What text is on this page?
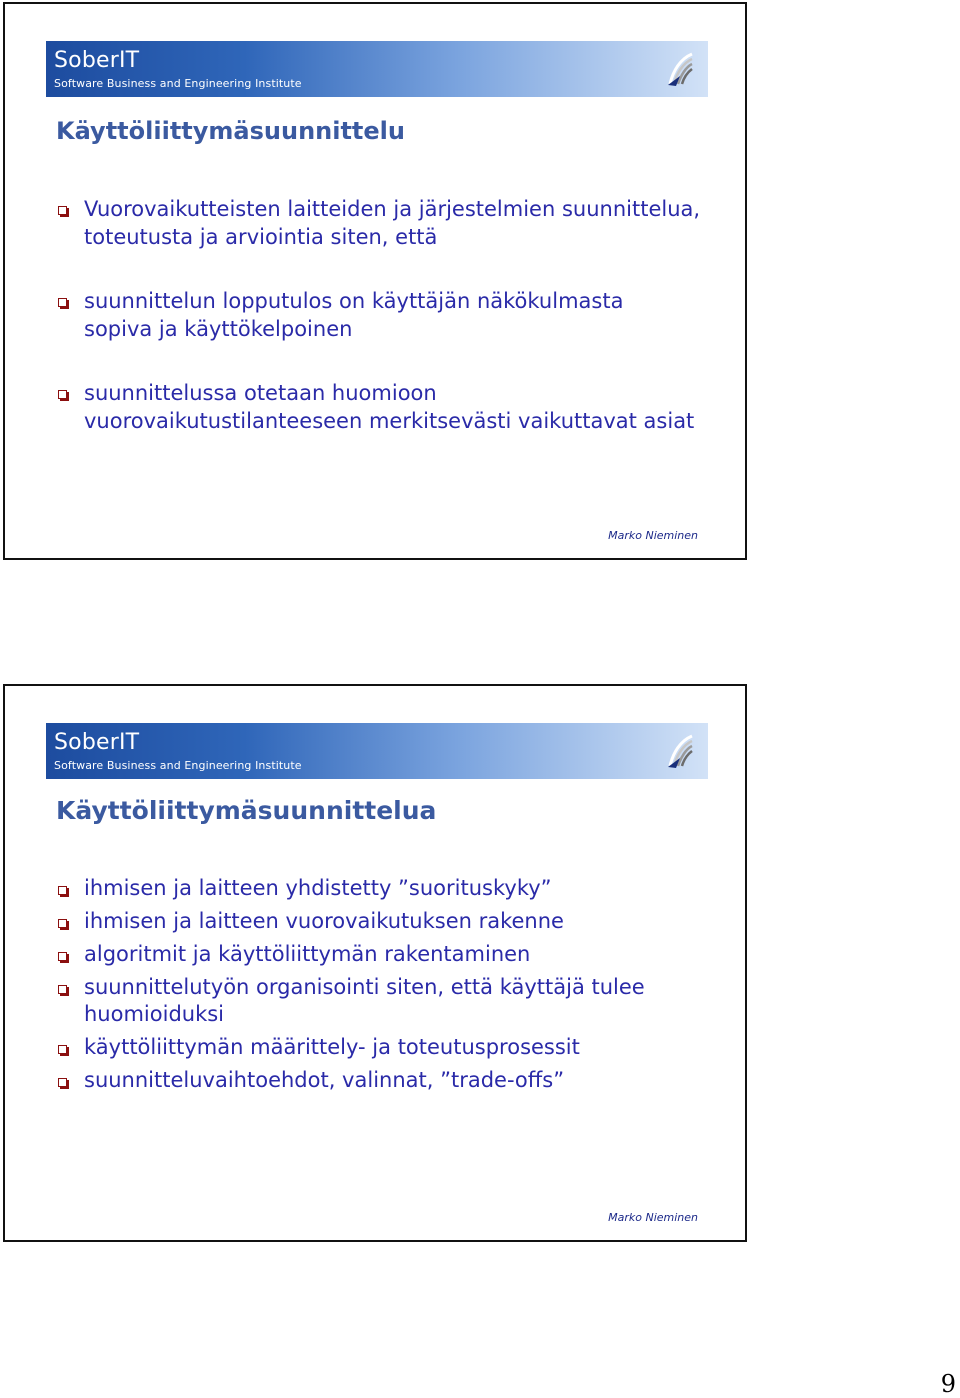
SoberIT
Software Business and Engineering Institute
Käyttöliittymäsuunnittelu
Vuorovaikutteisten laitteiden ja järjestelmien suunnittelua, toteutusta ja arviointia siten, että
suunnittelun lopputulos on käyttäjän näkökulmasta sopiva ja käyttökelpoinen
suunnittelussa otetaan huomioon vuorovaikutustilanteeseen merkitsevästi vaikuttavat asiat
Marko Nieminen
SoberIT
Software Business and Engineering Institute
Käyttöliittymäsuunnittelua
ihmisen ja laitteen yhdistetty ”suorituskyky”
ihmisen ja laitteen vuorovaikutuksen rakenne
algoritmit ja käyttöliittymän rakentaminen
suunnittelutyön organisointi siten, että käyttäjä tulee huomioiduksi
käyttöliittymän määrittely- ja toteutusprosessit
suunnitteluvaihtoehdot, valinnat, ”trade-offs”
Marko Nieminen
9
